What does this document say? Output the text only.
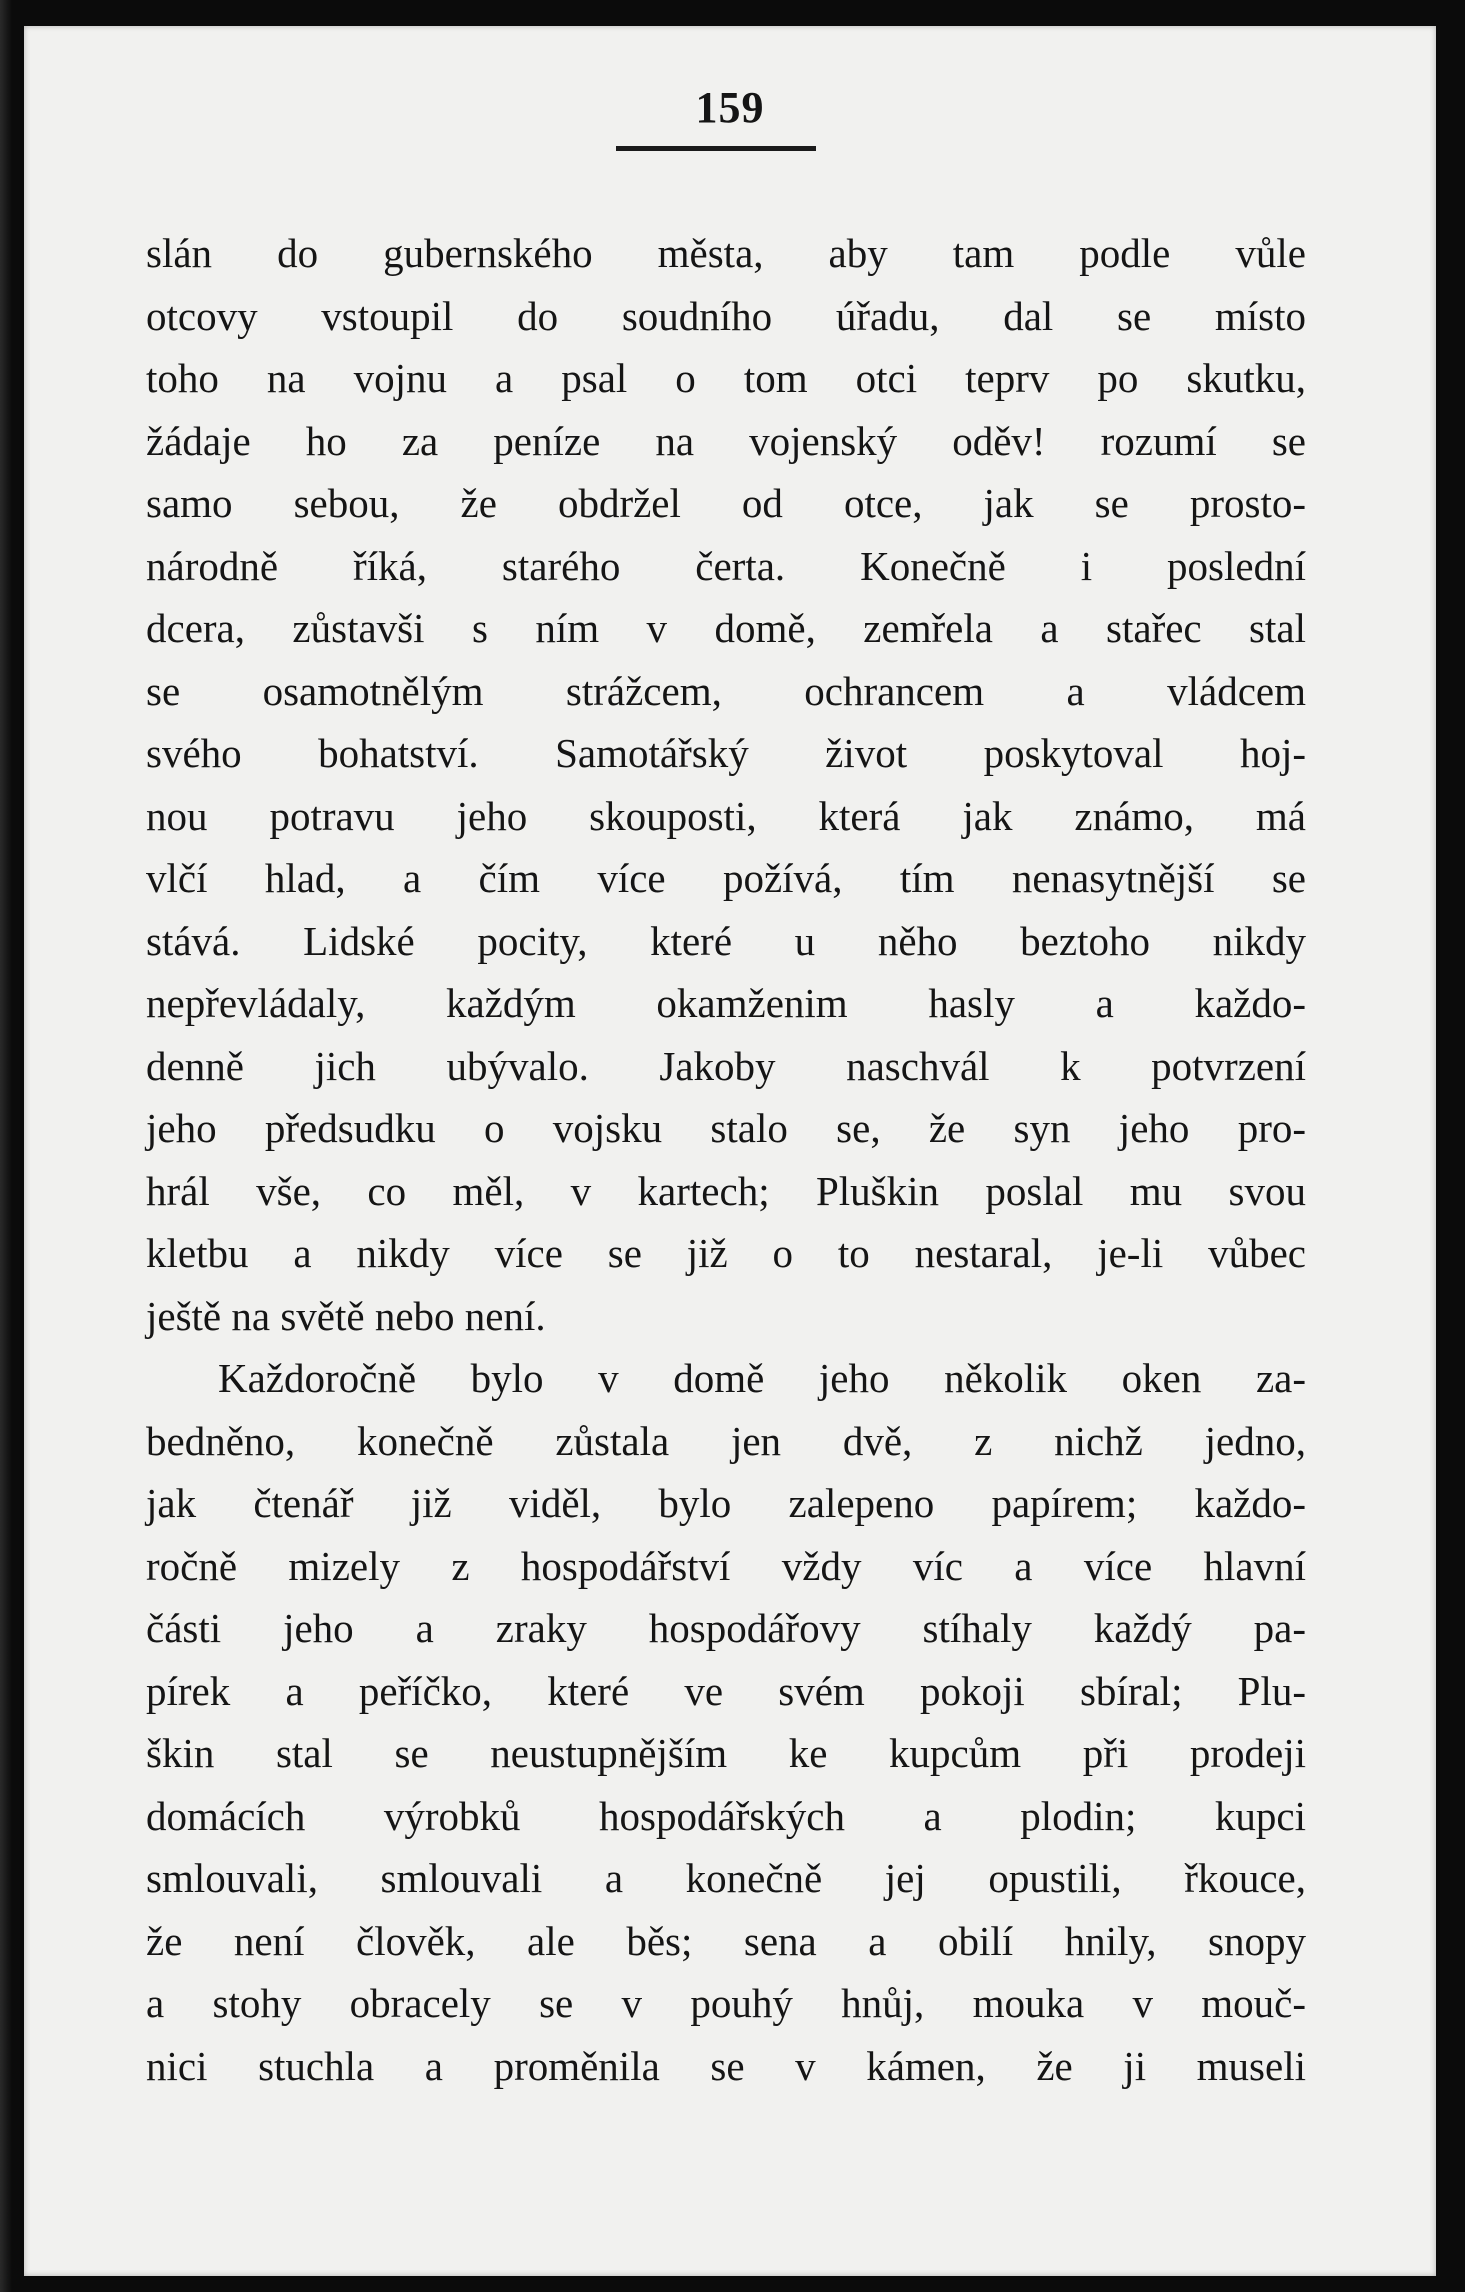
159
slán do gubernského města, aby tam podle vůle
otcovy vstoupil do soudního úřadu, dal se místo
toho na vojnu a psal o tom otci teprv po skutku,
žádaje ho za peníze na vojenský oděv! rozumí se
samo sebou, že obdržel od otce, jak se prosto-
národně říká, starého čerta. Konečně i poslední
dcera, zůstavši s ním v domě, zemřela a stařec stal
se osamotnělým strážcem, ochrancem a vládcem
svého bohatství. Samotářský život poskytoval hoj-
nou potravu jeho skouposti, která jak známo, má
vlčí hlad, a čím více požívá, tím nenasytnější se
stává. Lidské pocity, které u něho beztoho nikdy
nepřevládaly, každým okamženim hasly a každo-
denně jich ubývalo. Jakoby naschvál k potvrzení
jeho předsudku o vojsku stalo se, že syn jeho pro-
hrál vše, co měl, v kartech; Pluškin poslal mu svou
kletbu a nikdy více se již o to nestaral, je-li vůbec
ještě na světě nebo není.
Každoročně bylo v domě jeho několik oken za-
bedněno, konečně zůstala jen dvě, z nichž jedno,
jak čtenář již viděl, bylo zalepeno papírem; každo-
ročně mizely z hospodářství vždy víc a více hlavní
části jeho a zraky hospodářovy stíhaly každý pa-
pírek a peříčko, které ve svém pokoji sbíral; Plu-
škin stal se neustupnějším ke kupcům při prodeji
domácích výrobků hospodářských a plodin; kupci
smlouvali, smlouvali a konečně jej opustili, řkouce,
že není člověk, ale běs; sena a obilí hnily, snopy
a stohy obracely se v pouhý hnůj, mouka v mouč-
nici stuchla a proměnila se v kámen, že ji museli
